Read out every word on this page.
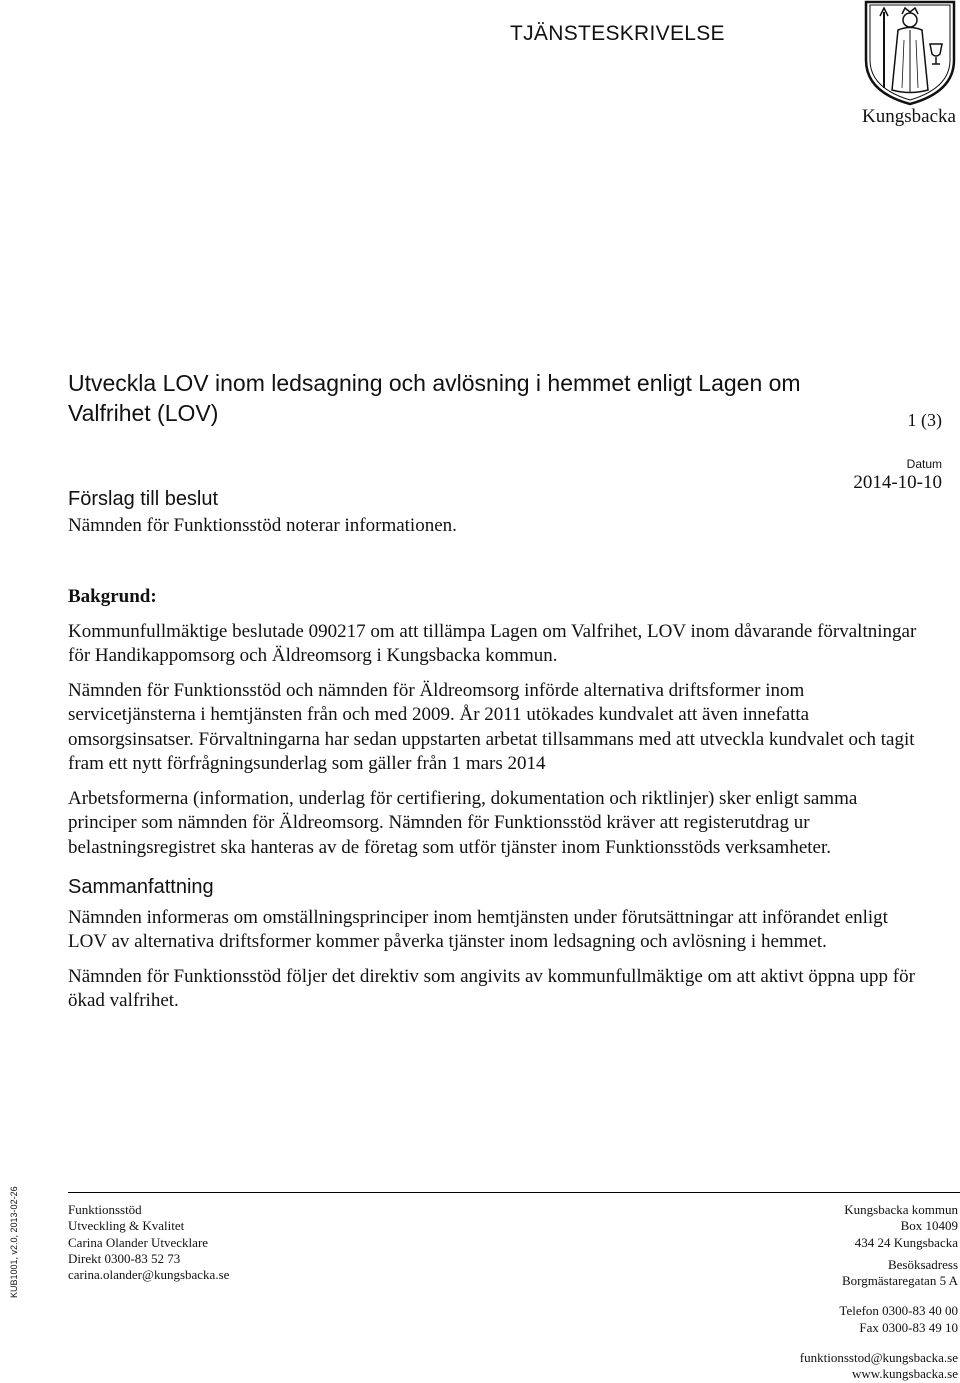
TJÄNSTESKRIVELSE
Kungsbacka
Utveckla LOV inom ledsagning och avlösning i hemmet enligt Lagen om
Valfrihet (LOV)	1 (3)
Datum
2014-10-10
Förslag till beslut
Nämnden för Funktionsstöd noterar informationen.

Bakgrund:

Kommunfullmäktige beslutade 090217 om att tillämpa Lagen om Valfrihet, LOV inom dåvarande förvaltningar för Handikappomsorg och Äldreomsorg i Kungsbacka kommun.

Nämnden för Funktionsstöd och nämnden för Äldreomsorg införde alternativa driftsformer inom servicetjänsterna i hemtjänsten från och med 2009. År 2011 utökades kundvalet att även innefatta omsorgsinsatser. Förvaltningarna har sedan uppstarten arbetat tillsammans med att utveckla kundvalet och tagit fram ett nytt förfrågningsunderlag som gäller från 1 mars 2014

Arbetsformerna (information, underlag för certifiering, dokumentation och riktlinjer) sker enligt samma principer som nämnden för Äldreomsorg. Nämnden för Funktionsstöd kräver att registerutdrag ur belastningsregistret ska hanteras av de företag som utför tjänster inom Funktionsstöds verksamheter.

Sammanfattning

Nämnden informeras om omställningsprinciper inom hemtjänsten under förutsättningar att införandet enligt LOV av alternativa driftsformer kommer påverka tjänster inom ledsagning och avlösning i hemmet.

Nämnden för Funktionsstöd följer det direktiv som angivits av kommunfullmäktige om att aktivt öppna upp för ökad valfrihet.

Funktionsstöd
Utveckling & Kvalitet
Carina Olander Utvecklare
Direkt 0300-83 52 73
carina.olander@kungsbacka.se
Kungsbacka kommun
Box 10409
434 24 Kungsbacka
Besöksadress
Borgmästaregatan 5 A
Telefon 0300-83 40 00
Fax 0300-83 49 10
funktionsstod@kungsbacka.se
www.kungsbacka.se
KUB1001, v2.0, 2013-02-26
